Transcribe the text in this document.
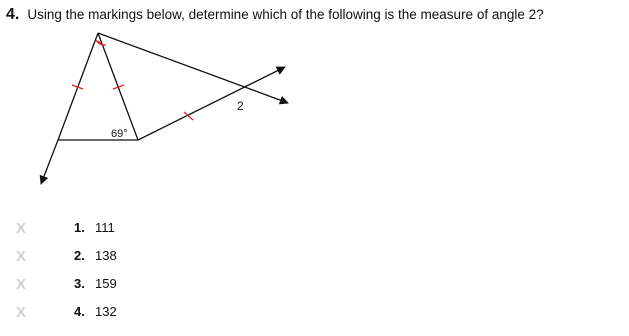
4. Using the markings below, determine which of the following is the measure of angle 2?
69°
2
X	1. 111
X	2. 138
X	3. 159
X	4. 132
